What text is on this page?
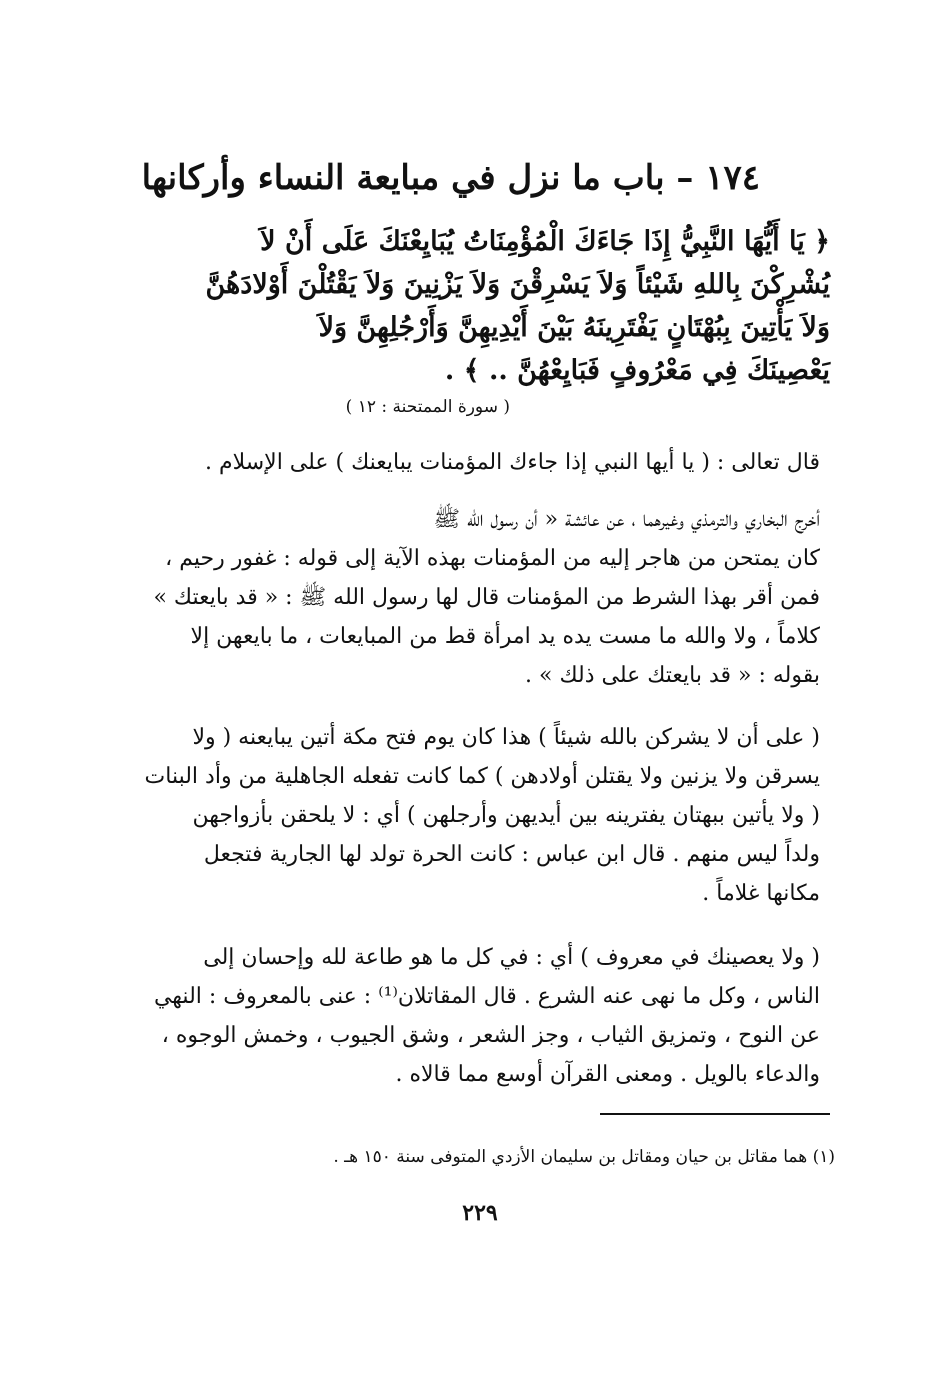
١٧٤ – باب ما نزل في مبايعة النساء وأركانها
﴿ يَا أَيُّهَا النَّبِيُّ إِذَا جَاءَكَ الْمُؤْمِنَاتُ يُبَايِعْنَكَ عَلَى أَنْ لاَ
يُشْرِكْنَ بِاللهِ شَيْئاً وَلاَ يَسْرِقْنَ وَلاَ يَزْنِينَ وَلاَ يَقْتُلْنَ أَوْلادَهُنَّ
وَلاَ يَأْتِينَ بِبُهْتَانٍ يَفْتَرِينَهُ بَيْنَ أَيْدِيهِنَّ وَأَرْجُلِهِنَّ وَلاَ
يَعْصِينَكَ فِي مَعْرُوفٍ فَبَايِعْهُنَّ .. ﴾ .
( سورة الممتحنة : ١٢ )
قال تعالى : ( يا أيها النبي إذا جاءك المؤمنات يبايعنك ) على الإسلام .
أخرج البخاري والترمذي وغيرهما ، عن عائشة « أن رسول الله ﷺ
كان يمتحن من هاجر إليه من المؤمنات بهذه الآية إلى قوله : غفور رحيم ،
فمن أقر بهذا الشرط من المؤمنات قال لها رسول الله ﷺ : « قد بايعتك »
كلاماً ، ولا والله ما مست يده يد امرأة قط من المبايعات ، ما بايعهن إلا
بقوله : « قد بايعتك على ذلك » .
( على أن لا يشركن بالله شيئاً ) هذا كان يوم فتح مكة أتين يبايعنه ( ولا
يسرقن ولا يزنين ولا يقتلن أولادهن ) كما كانت تفعله الجاهلية من وأد البنات
( ولا يأتين ببهتان يفترينه بين أيديهن وأرجلهن ) أي : لا يلحقن بأزواجهن
ولداً ليس منهم . قال ابن عباس : كانت الحرة تولد لها الجارية فتجعل
مكانها غلاماً .
( ولا يعصينك في معروف ) أي : في كل ما هو طاعة لله وإحسان إلى
الناس ، وكل ما نهى عنه الشرع . قال المقاتلان⁽¹⁾ : عنى بالمعروف : النهي
عن النوح ، وتمزيق الثياب ، وجز الشعر ، وشق الجيوب ، وخمش الوجوه ،
والدعاء بالويل . ومعنى القرآن أوسع مما قالاه .
(١) هما مقاتل بن حيان ومقاتل بن سليمان الأزدي المتوفى سنة ١٥٠ هـ .
٢٢٩
